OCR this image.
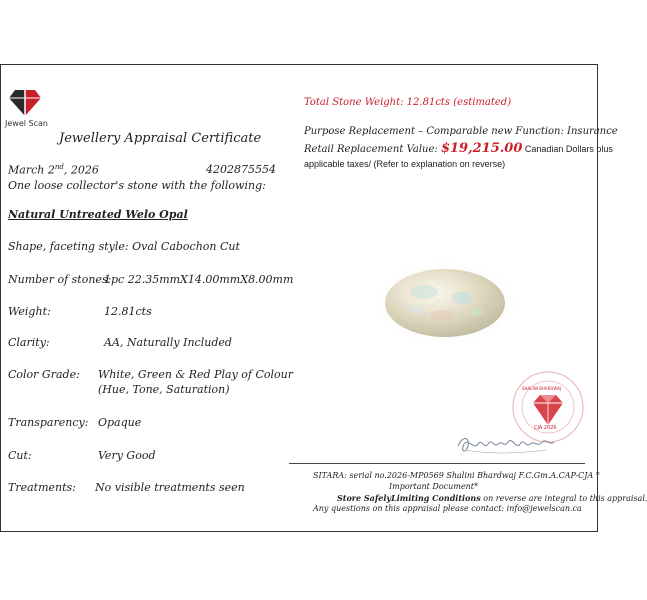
Jewel Scan
Jewellery Appraisal Certificate
March 2nd, 2026	4202875554
One loose collector's stone with the following:
Natural Untreated Welo Opal
Shape, faceting style: Oval Cabochon Cut
Number of stones:
1pc 22.35mmX14.00mmX8.00mm
Weight:	12.81cts
Clarity:	AA, Naturally Included
Color Grade: White, Green & Red Play of Colour
(Hue, Tone, Saturation)
Transparency: Opaque
Cut:	Very Good
Treatments: No visible treatments seen
Total Stone Weight: 12.81cts (estimated)
Purpose Replacement – Comparable new Function: Insurance
Retail Replacement Value: $19,215.00 Canadian Dollars plus
applicable taxes/ (Refer to explanation on reverse)
SHALINI BHARDWAJ
CJA 2026
SITARA: serial no.2026-MP0569 Shalini Bhardwaj F.C.Gm.A.CAP-CJA *
Important Document*
Store SafelyLimiting Conditions on reverse are integral to this appraisal.
Any questions on this appraisal please contact: info@jewelscan.ca
